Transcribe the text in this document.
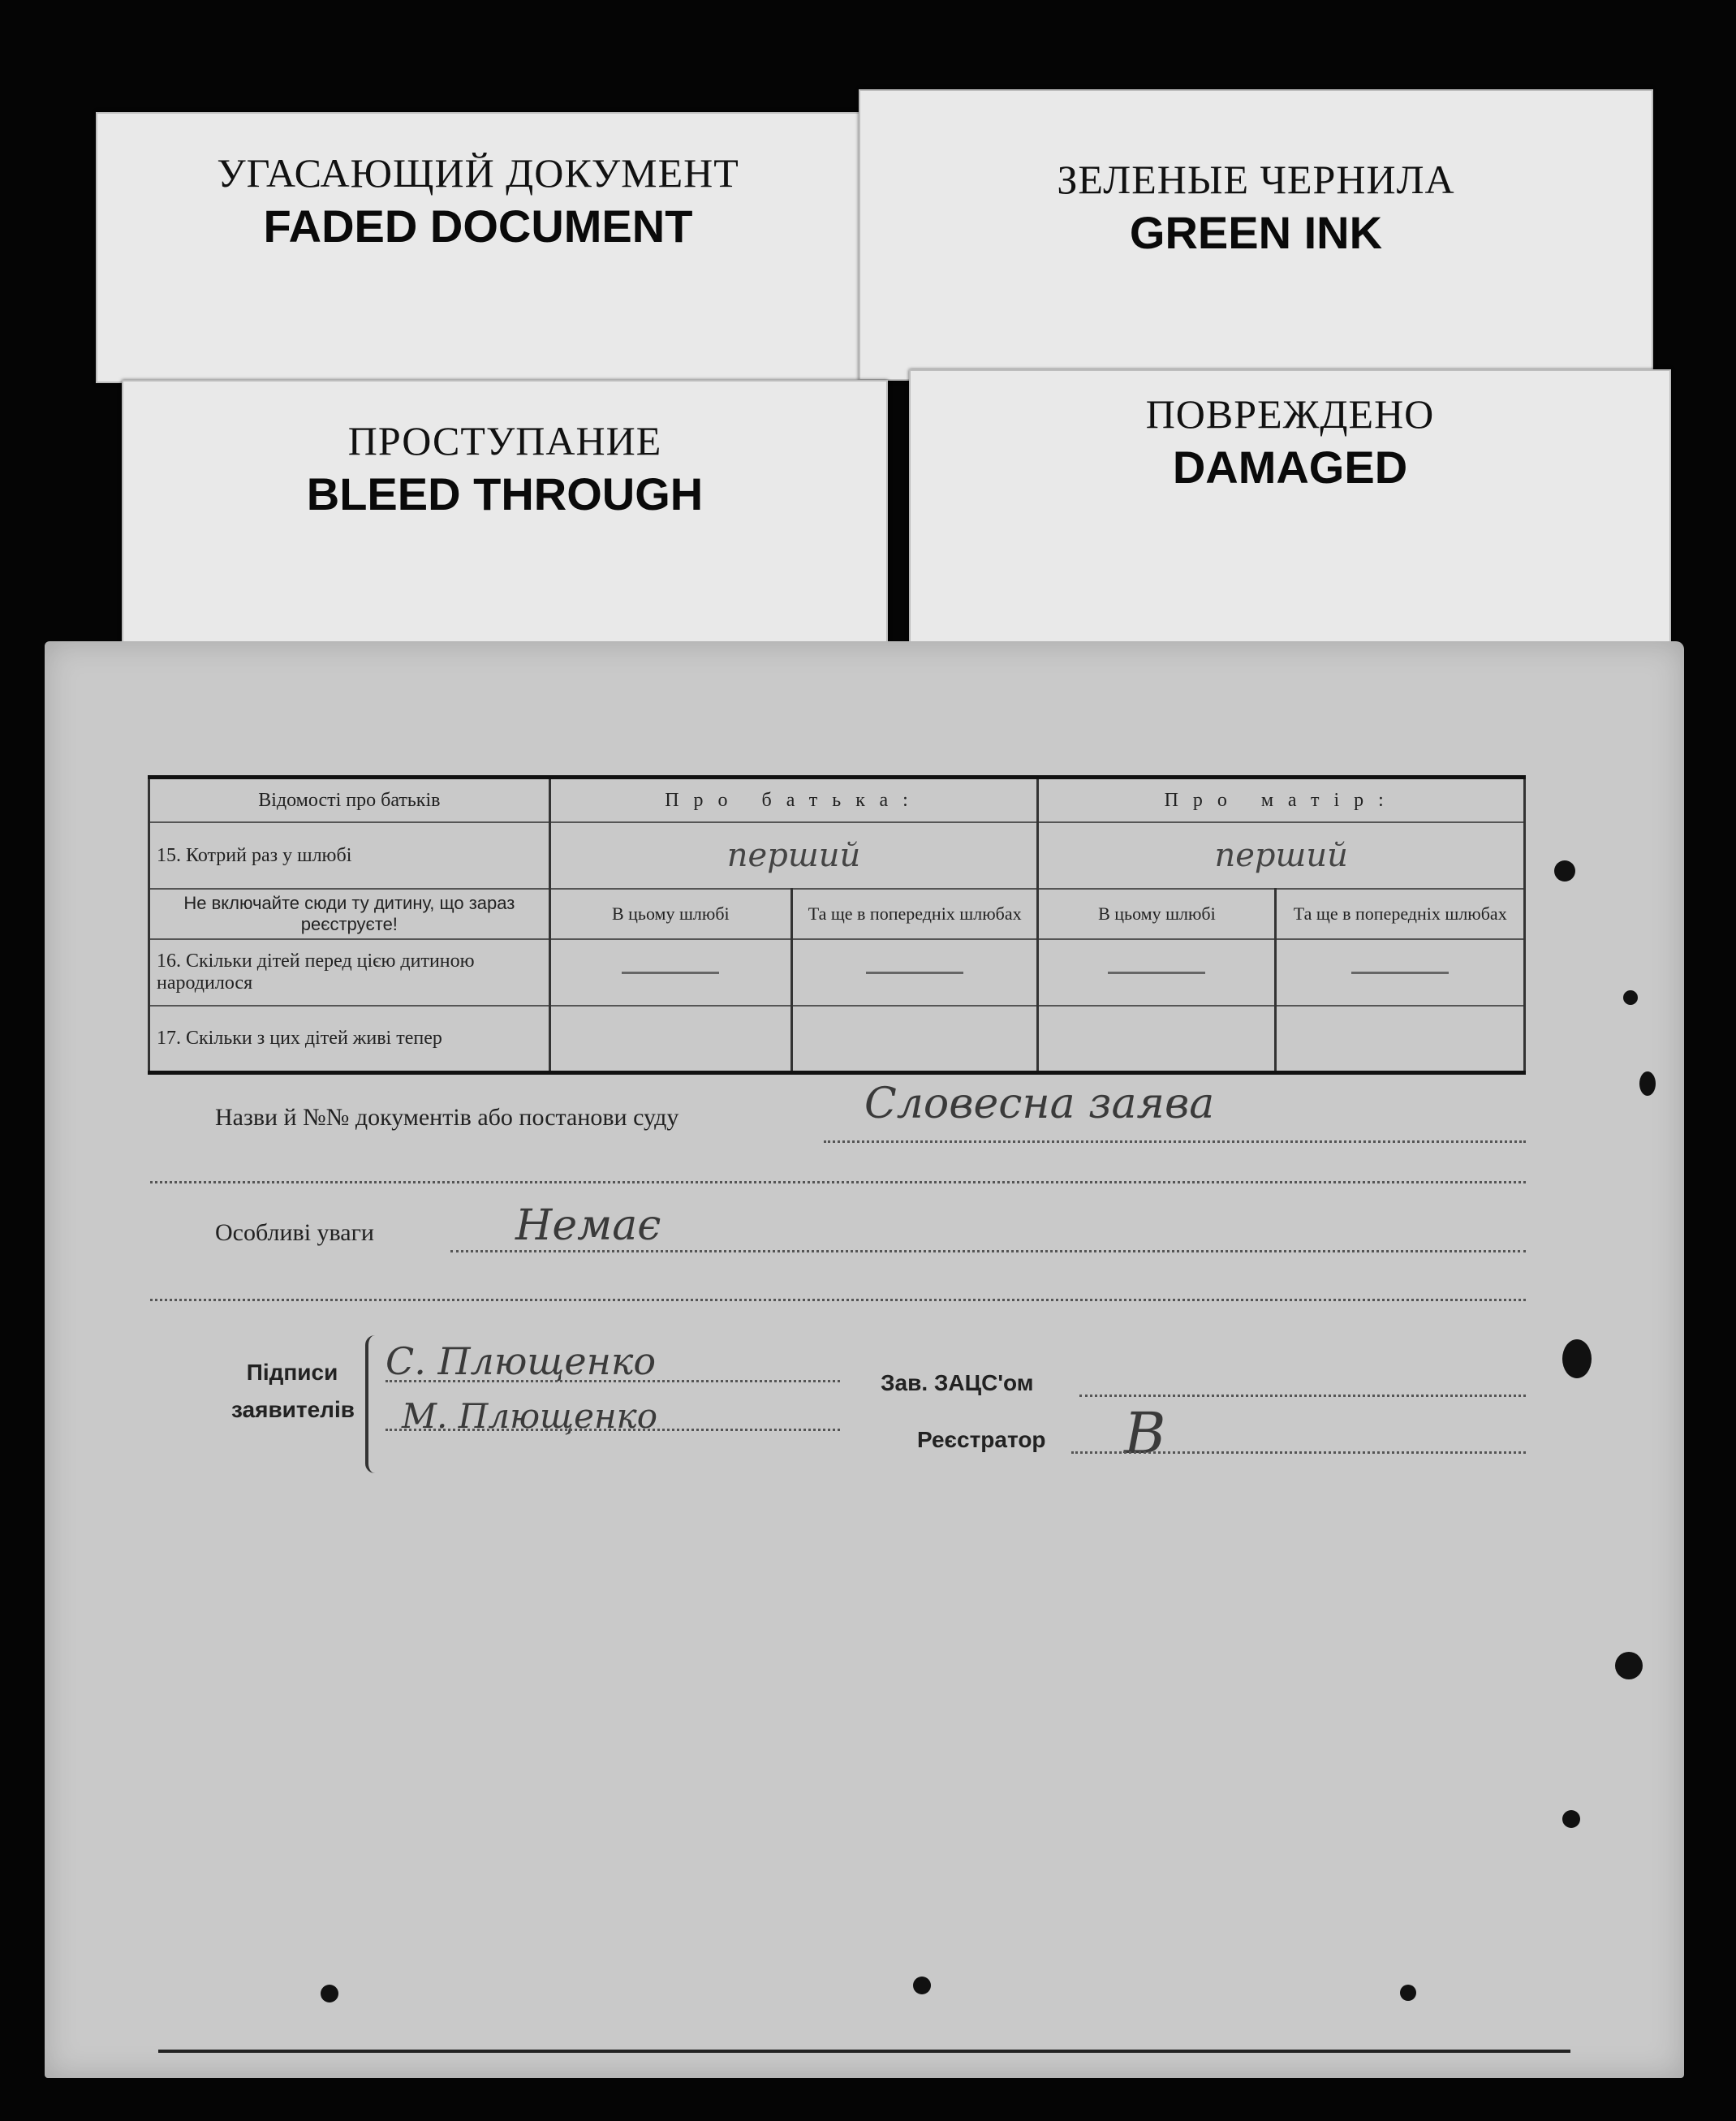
УГАСАЮЩИЙ ДОКУМЕНТ
FADED DOCUMENT
ЗЕЛЕНЫЕ ЧЕРНИЛА
GREEN INK
ПРОСТУПАНИЕ
BLEED THROUGH
ПОВРЕЖДЕНО
DAMAGED
Відомості про батьків	Про батька:		Про матір:	
15. Котрий раз у шлюбі	перший		перший	
Не включайте сюди ту дитину, що зараз реєструєте!	В цьому шлюбі	Та ще в попередніх шлюбах	В цьому шлюбі	Та ще в попередніх шлюбах
16. Скільки дітей перед цією дитиною народилося	

17. Скільки з цих дітей живі тепер				
Назви й №№ документів або постанови суду	Словесна заява
Особливі уваги	Немає
Підписи
заявителів
С. Плющенко
М. Плющенко
Зав. ЗАЦС'ом
Реєстратор В
